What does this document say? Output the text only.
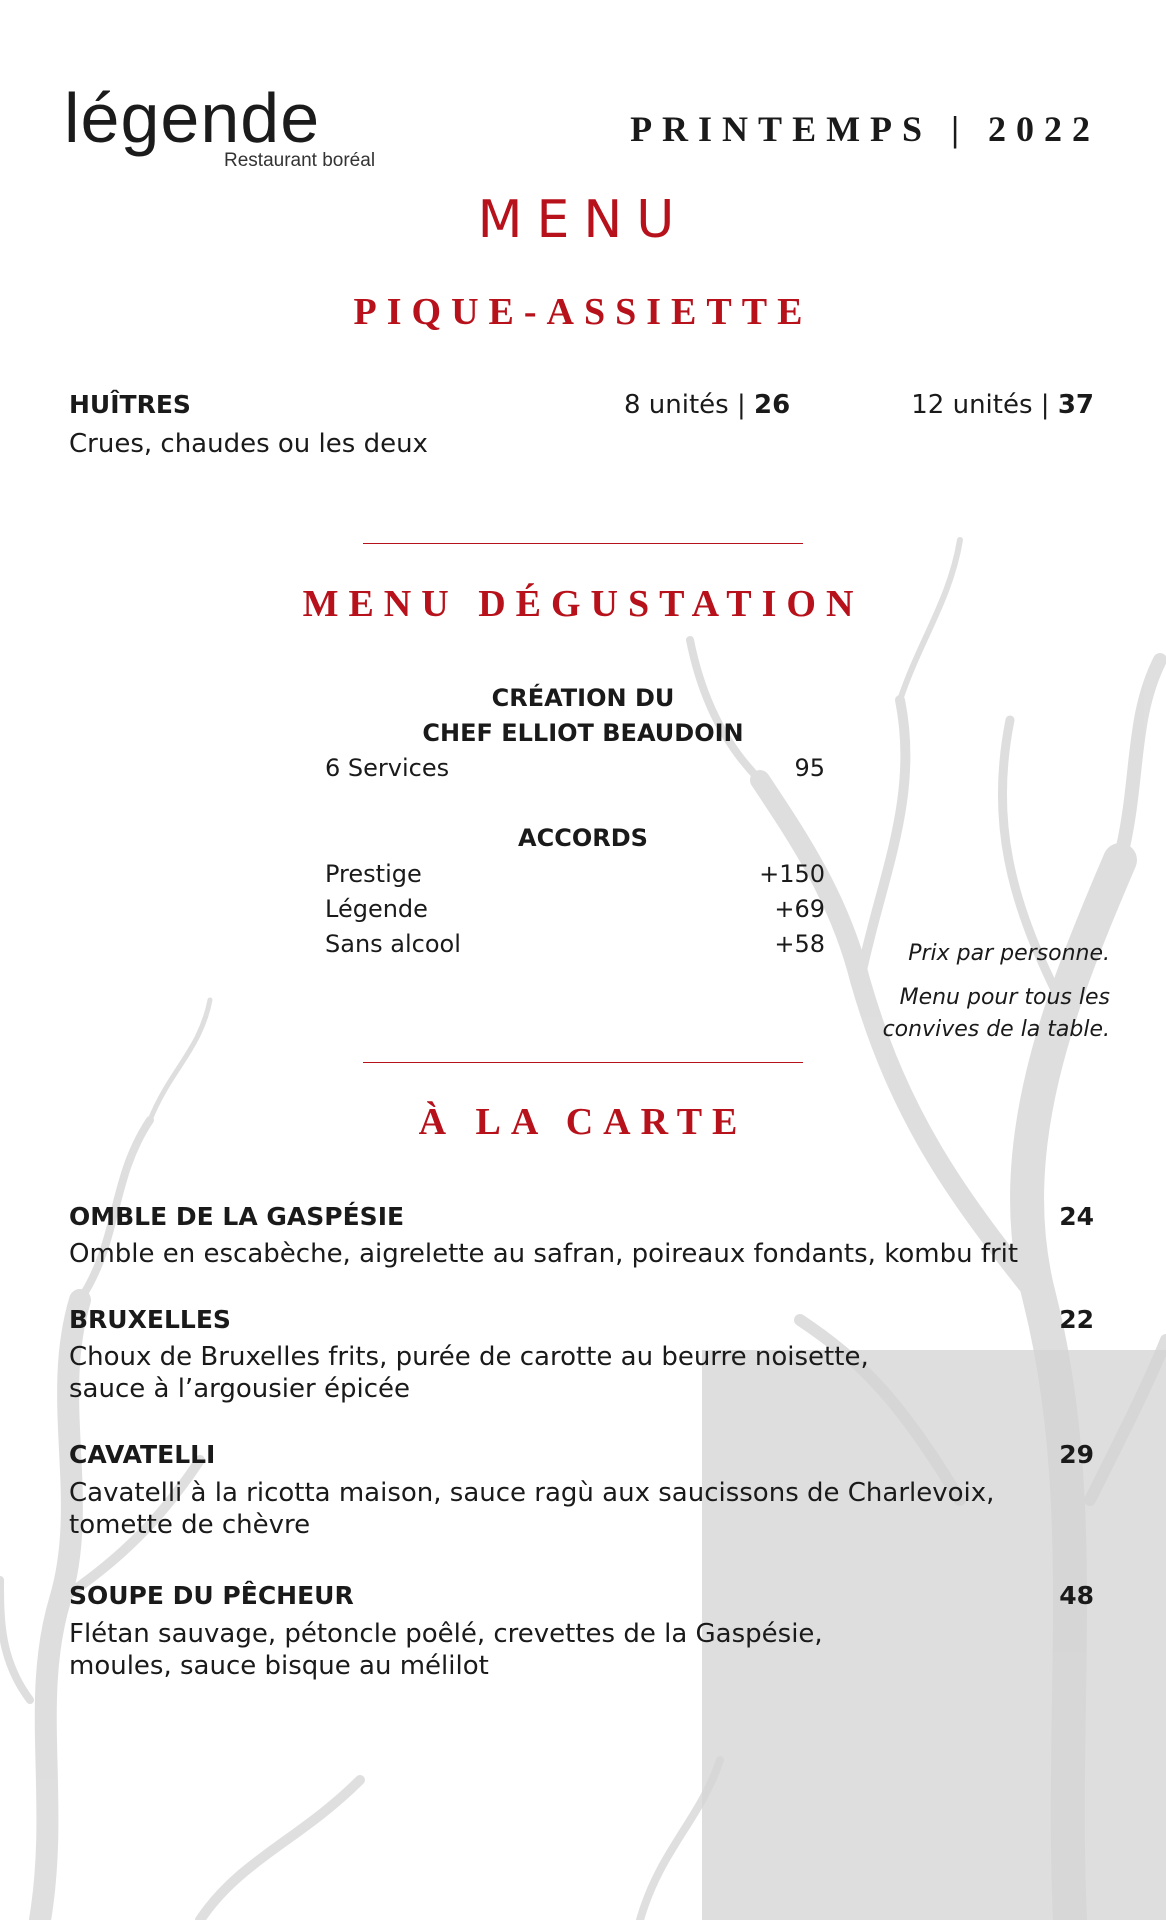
légende
Restaurant boréal
PRINTEMPS | 2022
MENU
PIQUE-ASSIETTE
HUÎTRES
Crues, chaudes ou les deux
8 unités | 26	12 unités | 37
MENU DÉGUSTATION
CRÉATION DU
CHEF ELLIOT BEAUDOIN
6 Services	95
ACCORDS
Prestige	+150
Légende	+69
Sans alcool	+58	Prix par personne.
Menu pour tous les
convives de la table.
À LA CARTE
OMBLE DE LA GASPÉSIE	24
Omble en escabèche, aigrelette au safran, poireaux fondants, kombu frit
BRUXELLES	22
Choux de Bruxelles frits, purée de carotte au beurre noisette,
sauce à l’argousier épicée
CAVATELLI	29
Cavatelli à la ricotta maison, sauce ragù aux saucissons de Charlevoix,
tomette de chèvre
SOUPE DU PÊCHEUR	48
Flétan sauvage, pétoncle poêlé, crevettes de la Gaspésie,
moules, sauce bisque au mélilot
